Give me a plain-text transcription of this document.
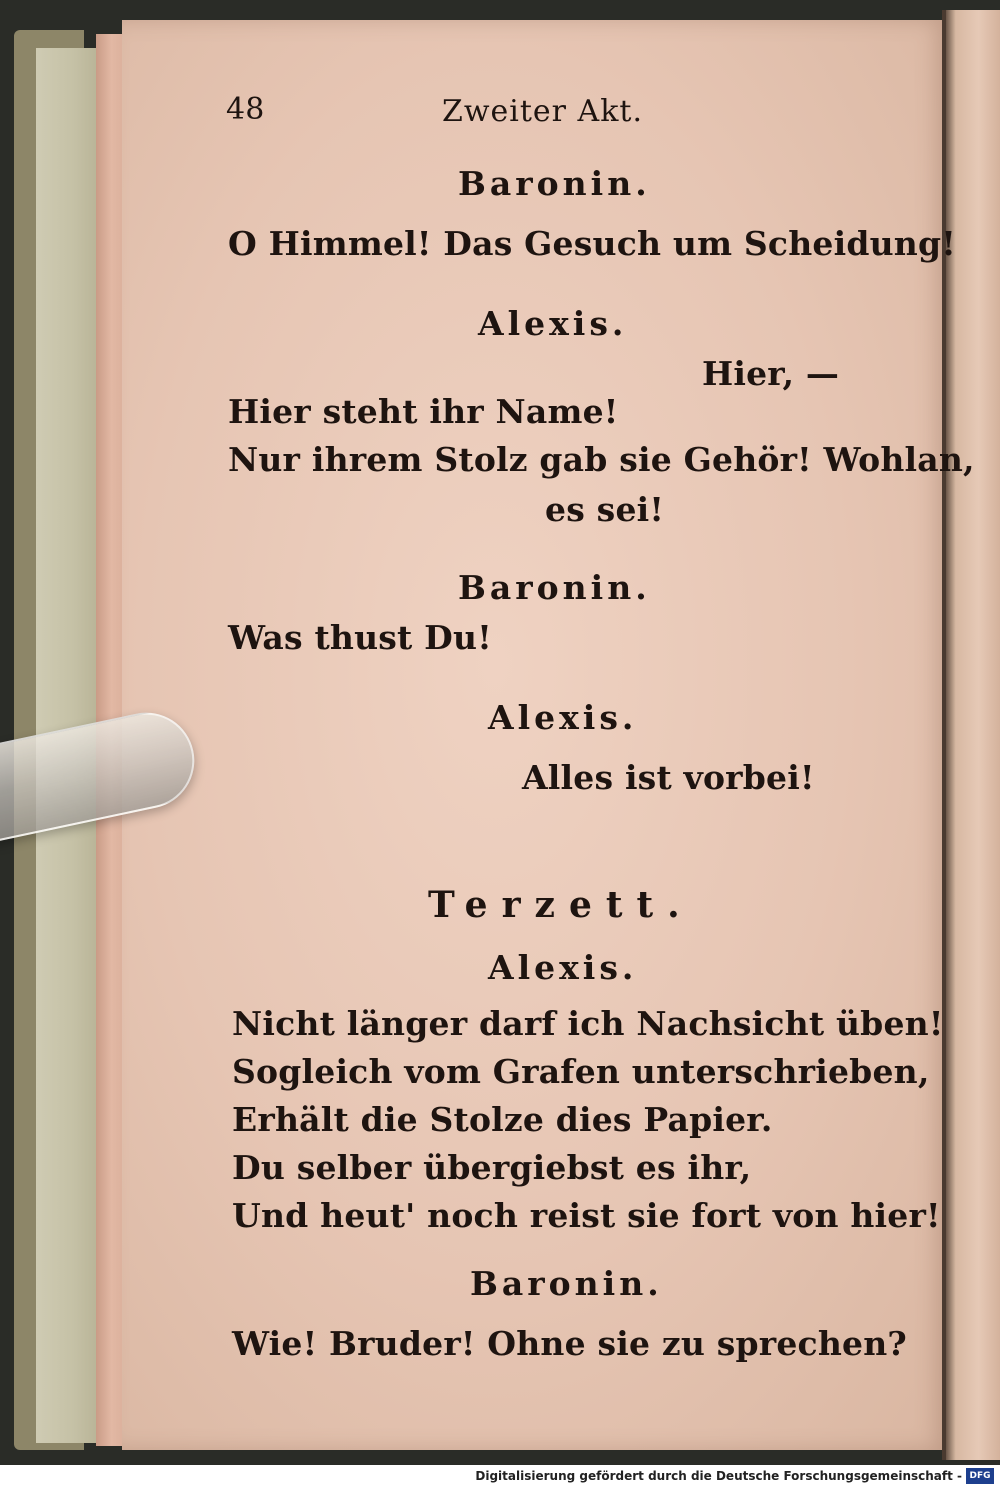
48	Zweiter Akt.
Baronin.
O Himmel! Das Gesuch um Scheidung!
Alexis.
Hier, —
Hier steht ihr Name!
Nur ihrem Stolz gab sie Gehör! Wohlan,
es sei!
Baronin.
Was thust Du!
Alexis.
Alles ist vorbei!
Terzett.
Alexis.
Nicht länger darf ich Nachsicht üben!
Sogleich vom Grafen unterschrieben,
Erhält die Stolze dies Papier.
Du selber übergiebst es ihr,
Und heut' noch reist sie fort von hier!
Baronin.
Wie! Bruder! Ohne sie zu sprechen?
Digitalisierung gefördert durch die Deutsche Forschungsgemeinschaft - DFG
